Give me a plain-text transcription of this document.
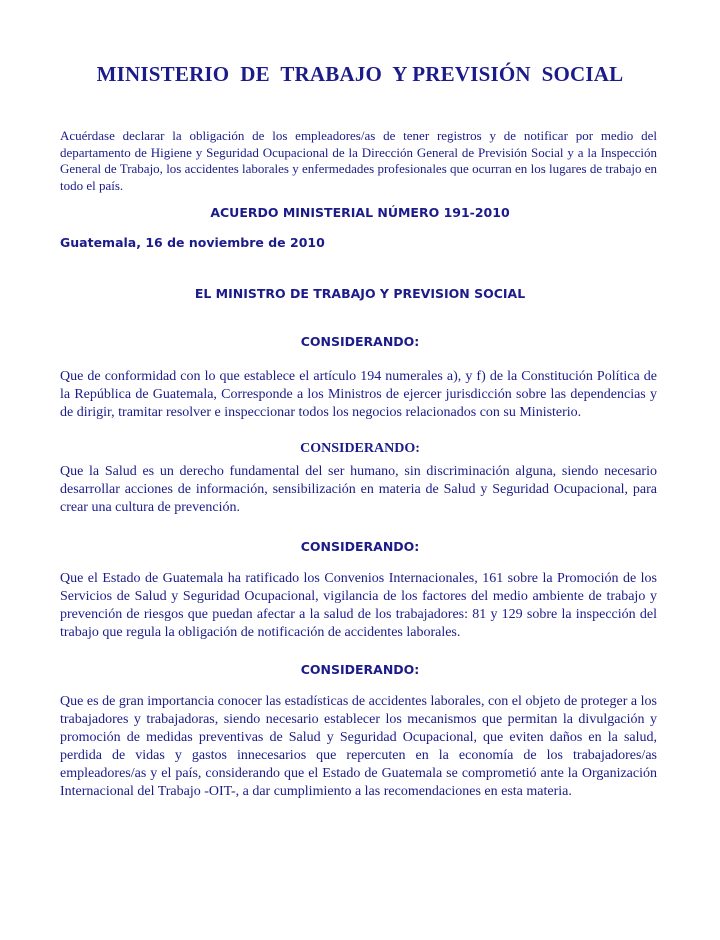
MINISTERIO  DE  TRABAJO  Y PREVISIÓN  SOCIAL

Acuérdase declarar la obligación de los empleadores/as de tener registros y de notificar por medio del departamento de Higiene y Seguridad Ocupacional de la Dirección General de Previsión Social y a la Inspección General de Trabajo, los accidentes laborales y enfermedades profesionales que ocurran en los lugares de trabajo en todo el país.

ACUERDO MINISTERIAL NÚMERO 191-2010
Guatemala, 16 de noviembre de 2010
EL MINISTRO DE TRABAJO Y PREVISION SOCIAL
CONSIDERANDO:

Que de conformidad con lo que establece el artículo 194 numerales a), y f) de la Constitución Política de la República de Guatemala, Corresponde a los Ministros de ejercer jurisdicción sobre las dependencias y de dirigir, tramitar resolver e inspeccionar todos los negocios relacionados con su Ministerio.

CONSIDERANDO:

Que la Salud es un derecho fundamental del ser humano, sin discriminación alguna, siendo necesario desarrollar acciones de información, sensibilización en materia de Salud y Seguridad Ocupacional, para crear una cultura de prevención.

CONSIDERANDO:

Que el Estado de Guatemala ha ratificado los Convenios Internacionales, 161 sobre la Promoción de los Servicios de Salud y Seguridad Ocupacional, vigilancia de los factores del medio ambiente de trabajo y prevención de riesgos que puedan afectar a la salud de los trabajadores: 81 y 129 sobre la inspección del trabajo que regula la obligación de notificación de accidentes laborales.

CONSIDERANDO:

Que es de gran importancia conocer las estadísticas de accidentes laborales, con el objeto de proteger a los trabajadores y trabajadoras, siendo necesario establecer los mecanismos que permitan la divulgación y promoción de medidas preventivas de Salud y Seguridad Ocupacional, que eviten daños en la salud, perdida de vidas y gastos innecesarios que repercuten en la economía de los trabajadores/as empleadores/as y el país, considerando que el Estado de Guatemala se comprometió ante la Organización Internacional del Trabajo -OIT-, a dar cumplimiento a las recomendaciones en esta materia.
